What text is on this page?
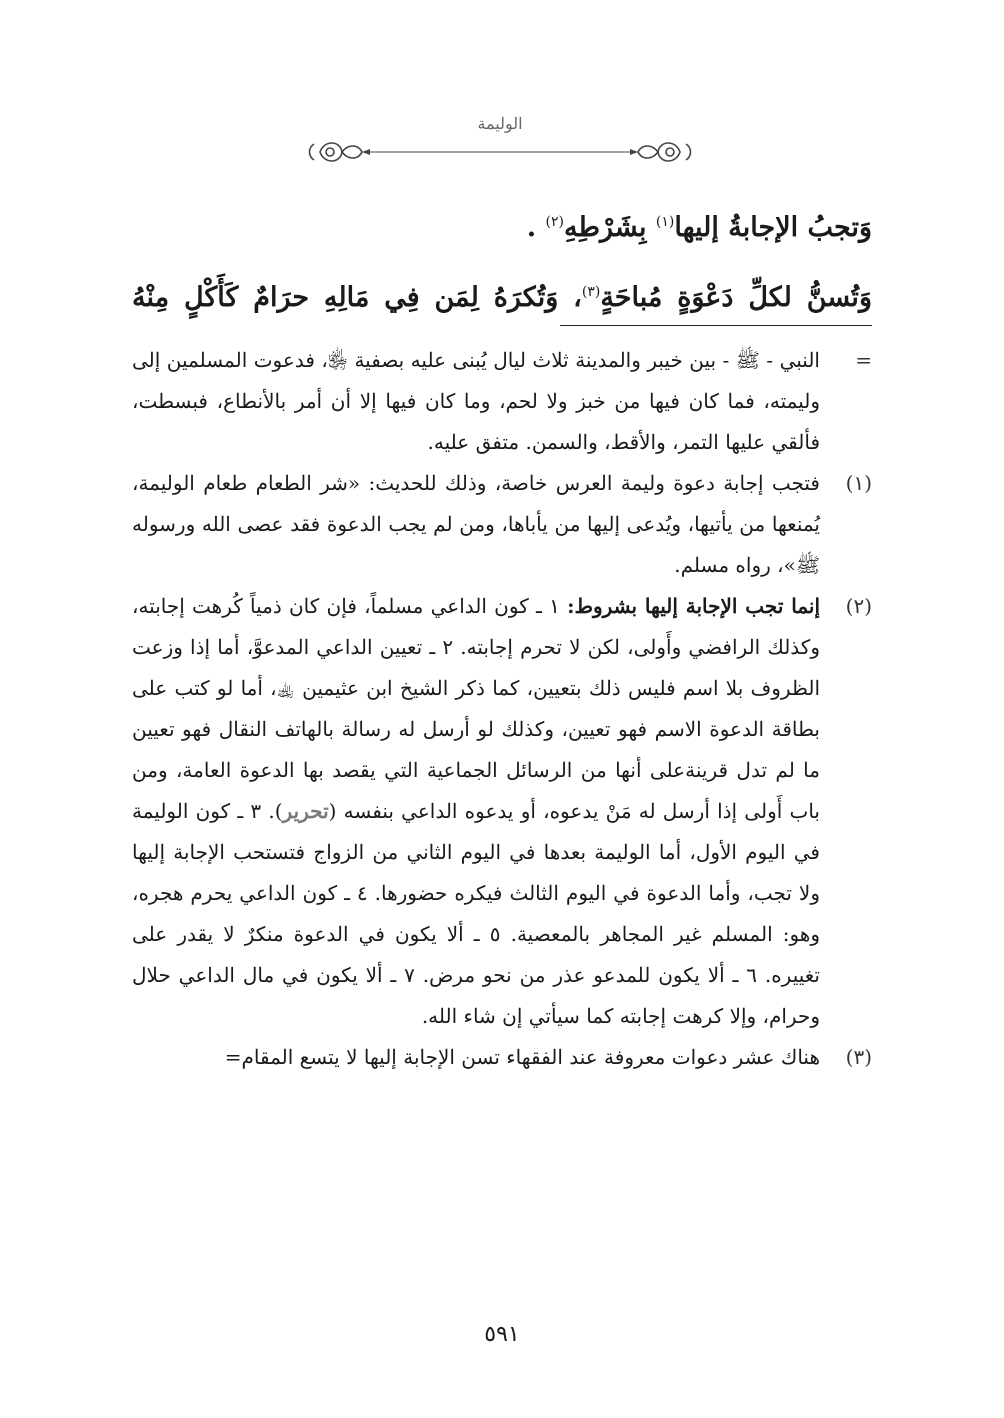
الوليمة
وَتجبُ الإجابةُ إليها$^{(١)}$ بِشَرْطِهِ$^{(٢)}$ .
وَتُسنُّ لكلِّ دَعْوَةٍ مُباحَةٍ$^{(٣)}$، وَتُكرَهُ لِمَن فِي مَالِهِ حرَامٌ كَأَكْلٍ مِنْهُ
=
النبي - ﷺ - بين خيبر والمدينة ثلاث ليال يُبنى عليه بصفية ﵂، فدعوت المسلمين إلى وليمته، فما كان فيها من خبز ولا لحم، وما كان فيها إلا أن أمر بالأنطاع، فبسطت، فألقي عليها التمر، والأقط، والسمن. متفق عليه.
(١)
فتجب إجابة دعوة وليمة العرس خاصة، وذلك للحديث: «شر الطعام طعام الوليمة، يُمنعها من يأتيها، ويُدعى إليها من يأباها، ومن لم يجب الدعوة فقد عصى الله ورسوله ﷺ»، رواه مسلم.
(٢)
إنما تجب الإجابة إليها بشروط: ١ ـ كون الداعي مسلماً، فإن كان ذمياً كُرهت إجابته، وكذلك الرافضي وأَولى، لكن لا تحرم إجابته. ٢ ـ تعيين الداعي المدعوَّ، أما إذا وزعت الظروف بلا اسم فليس ذلك بتعيين، كما ذكر الشيخ ابن عثيمين ﵀، أما لو كتب على بطاقة الدعوة الاسم فهو تعيين، وكذلك لو أرسل له رسالة بالهاتف النقال فهو تعيين ما لم تدل قرينةعلى أنها من الرسائل الجماعية التي يقصد بها الدعوة العامة، ومن باب أَولى إذا أرسل له مَنْ يدعوه، أو يدعوه الداعي بنفسه (تحرير). ٣ ـ كون الوليمة في اليوم الأول، أما الوليمة بعدها في اليوم الثاني من الزواج فتستحب الإجابة إليها ولا تجب، وأما الدعوة في اليوم الثالث فيكره حضورها. ٤ ـ كون الداعي يحرم هجره، وهو: المسلم غير المجاهر بالمعصية. ٥ ـ ألا يكون في الدعوة منكرٌ لا يقدر على تغييره. ٦ ـ ألا يكون للمدعو عذر من نحو مرض. ٧ ـ ألا يكون في مال الداعي حلال وحرام، وإلا كرهت إجابته كما سيأتي إن شاء الله.
(٣)
هناك عشر دعوات معروفة عند الفقهاء تسن الإجابة إليها لا يتسع المقام=
٥٩١
